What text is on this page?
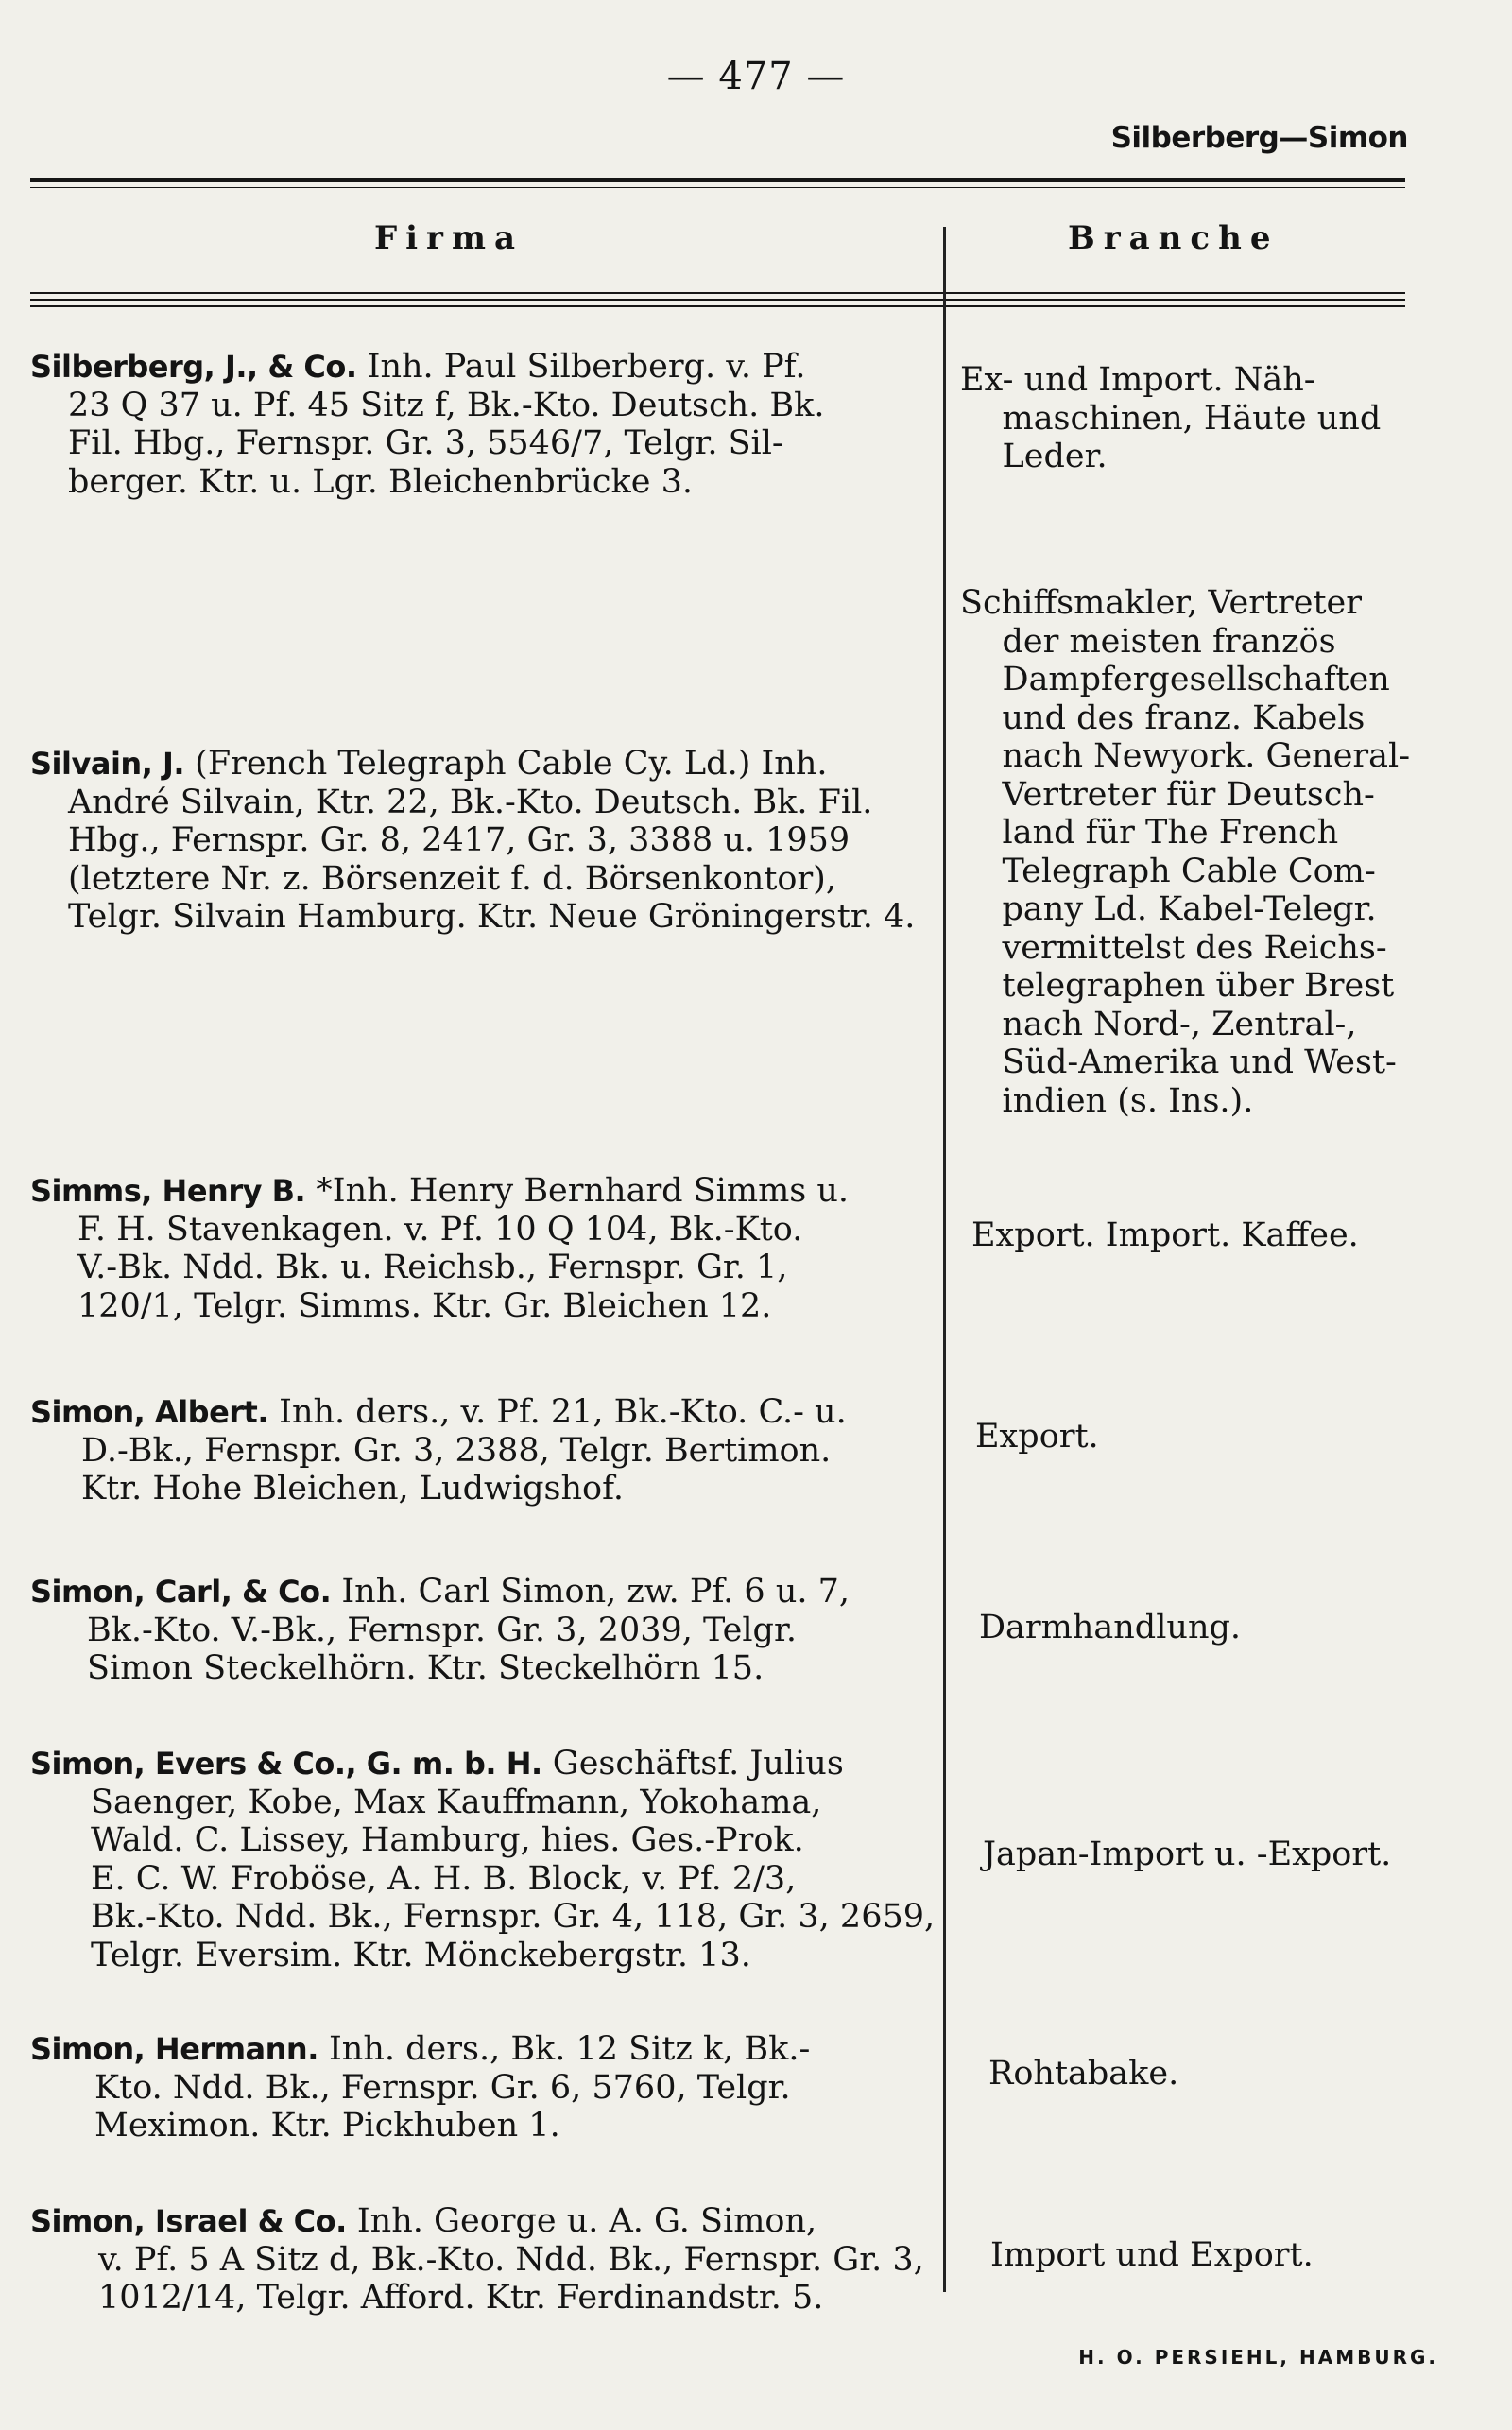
— 477 —
Silberberg—Simon
Firma	Branche
Silberberg, J., & Co. Inh. Paul Silberberg. v. Pf.
23 Q 37 u. Pf. 45 Sitz f, Bk.-Kto. Deutsch. Bk.
Fil. Hbg., Fernspr. Gr. 3, 5546/7, Telgr. Sil-
berger. Ktr. u. Lgr. Bleichenbrücke 3.
Ex- und Import. Näh-
maschinen, Häute und
Leder.
Silvain, J. (French Telegraph Cable Cy. Ld.) Inh.
André Silvain, Ktr. 22, Bk.-Kto. Deutsch. Bk. Fil.
Hbg., Fernspr. Gr. 8, 2417, Gr. 3, 3388 u. 1959
(letztere Nr. z. Börsenzeit f. d. Börsenkontor),
Telgr. Silvain Hamburg. Ktr. Neue Gröningerstr. 4.
Schiffsmakler, Vertreter
der meisten französ
Dampfergesellschaften
und des franz. Kabels
nach Newyork. General-
Vertreter für Deutsch-
land für The French
Telegraph Cable Com-
pany Ld. Kabel-Telegr.
vermittelst des Reichs-
telegraphen über Brest
nach Nord-, Zentral-,
Süd-Amerika und West-
indien (s. Ins.).
Simms, Henry B. *Inh. Henry Bernhard Simms u.
F. H. Stavenkagen. v. Pf. 10 Q 104, Bk.-Kto.
V.-Bk. Ndd. Bk. u. Reichsb., Fernspr. Gr. 1,
120/1, Telgr. Simms. Ktr. Gr. Bleichen 12.
Export. Import. Kaffee.
Simon, Albert. Inh. ders., v. Pf. 21, Bk.-Kto. C.- u.
D.-Bk., Fernspr. Gr. 3, 2388, Telgr. Bertimon.
Ktr. Hohe Bleichen, Ludwigshof.
Export.
Simon, Carl, & Co. Inh. Carl Simon, zw. Pf. 6 u. 7,
Bk.-Kto. V.-Bk., Fernspr. Gr. 3, 2039, Telgr.
Simon Steckelhörn. Ktr. Steckelhörn 15.
Darmhandlung.
Simon, Evers & Co., G. m. b. H. Geschäftsf. Julius
Saenger, Kobe, Max Kauffmann, Yokohama,
Wald. C. Lissey, Hamburg, hies. Ges.-Prok.
E. C. W. Froböse, A. H. B. Block, v. Pf. 2/3,
Bk.-Kto. Ndd. Bk., Fernspr. Gr. 4, 118, Gr. 3, 2659,
Telgr. Eversim. Ktr. Mönckebergstr. 13.
Japan-Import u. -Export.
Simon, Hermann. Inh. ders., Bk. 12 Sitz k, Bk.-
Kto. Ndd. Bk., Fernspr. Gr. 6, 5760, Telgr.
Meximon. Ktr. Pickhuben 1.
Rohtabake.
Simon, Israel & Co. Inh. George u. A. G. Simon,
v. Pf. 5 A Sitz d, Bk.-Kto. Ndd. Bk., Fernspr. Gr. 3,
1012/14, Telgr. Afford. Ktr. Ferdinandstr. 5.
Import und Export.
H. O. PERSIEHL, HAMBURG.
